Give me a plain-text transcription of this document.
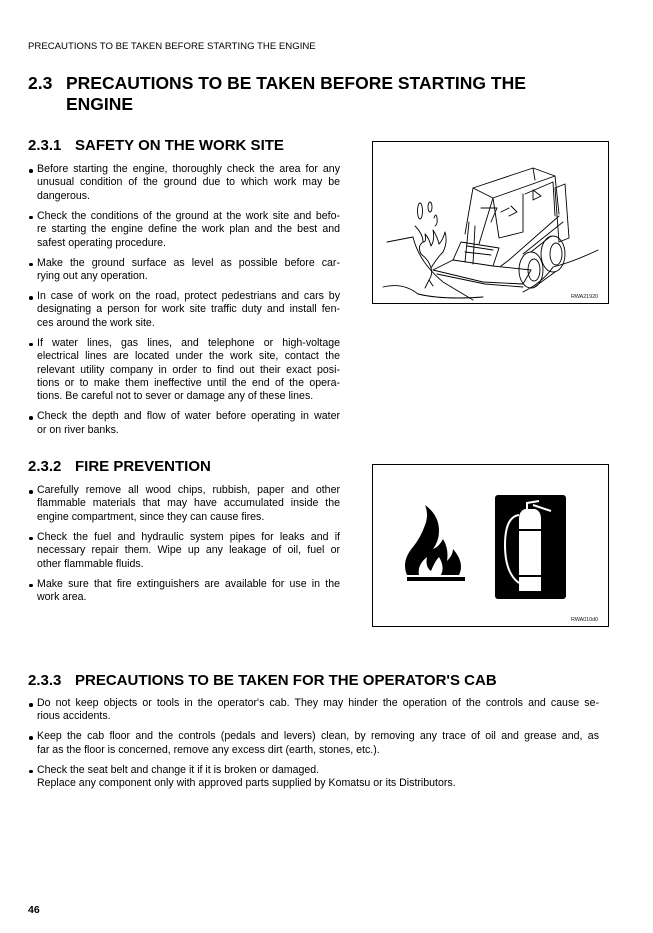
PRECAUTIONS TO BE TAKEN BEFORE STARTING THE ENGINE
2.3 PRECAUTIONS TO BE TAKEN BEFORE STARTING THE
ENGINE
2.3.1 SAFETY ON THE WORK SITE
Before starting the engine, thoroughly check the area for any
unusual condition of the ground due to which work may be
dangerous.
Check the conditions of the ground at the work site and befo-
re starting the engine define the work plan and the best and
safest operating procedure.
Make the ground surface as level as possible before car-
rying out any operation.
In case of work on the road, protect pedestrians and cars by
designating a person for work site traffic duty and install fen-
ces around the work site.
If water lines, gas lines, and telephone or high-voltage
electrical lines are located under the work site, contact the
relevant utility company in order to find out their exact posi-
tions or to make them ineffective until the end of the opera-
tions. Be careful not to sever or damage any of these lines.
Check the depth and flow of water before operating in water
or on river banks.
RWA21920
2.3.2 FIRE PREVENTION
Carefully remove all wood chips, rubbish, paper and other
flammable materials that may have accumulated inside the
engine compartment, since they can cause fires.
Check the fuel and hydraulic system pipes for leaks and if
necessary repair them. Wipe up any leakage of oil, fuel or
other flammable fluids.
Make sure that fire extinguishers are available for use in the
work area.
RWA010d0
2.3.3 PRECAUTIONS TO BE TAKEN FOR THE OPERATOR'S CAB
Do not keep objects or tools in the operator's cab. They may hinder the operation of the controls and cause se-
rious accidents.
Keep the cab floor and the controls (pedals and levers) clean, by removing any trace of oil and grease and, as
far as the floor is concerned, remove any excess dirt (earth, stones, etc.).
Check the seat belt and change it if it is broken or damaged.
Replace any component only with approved parts supplied by Komatsu or its Distributors.
46
